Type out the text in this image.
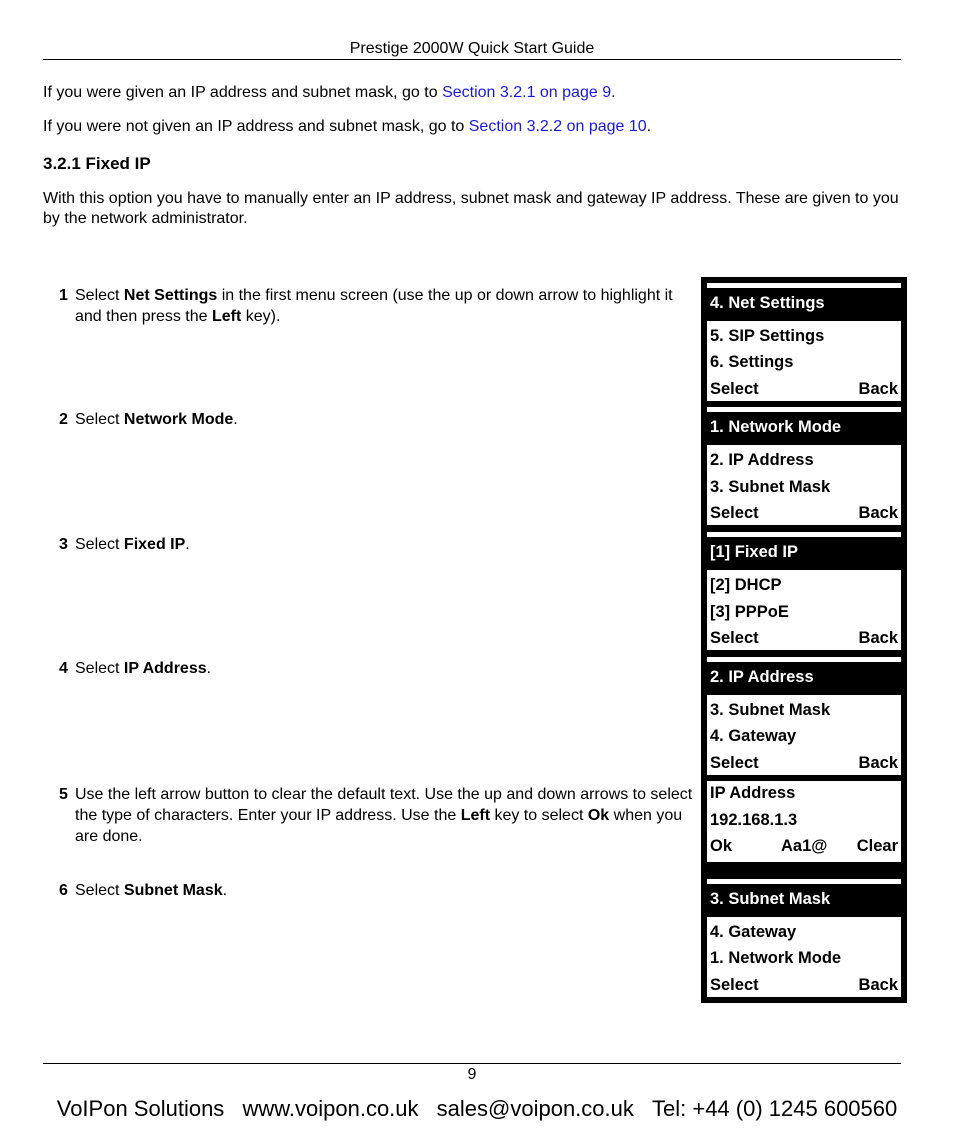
Prestige 2000W Quick Start Guide
If you were given an IP address and subnet mask, go to Section 3.2.1 on page 9.
If you were not given an IP address and subnet mask, go to Section 3.2.2 on page 10.
3.2.1 Fixed IP
With this option you have to manually enter an IP address, subnet mask and gateway IP address. These are given to you by the network administrator.
1 Select Net Settings in the first menu screen (use the up or down arrow to highlight it and then press the Left key).
2 Select Network Mode.
3 Select Fixed IP.
4 Select IP Address.
5 Use the left arrow button to clear the default text. Use the up and down arrows to select the type of characters. Enter your IP address. Use the Left key to select Ok when you are done.
6 Select Subnet Mask.
4. Net Settings
5. SIP Settings
6. Settings
Select	Back
1. Network Mode
2. IP Address
3. Subnet Mask
Select	Back
[1] Fixed IP
[2] DHCP
[3] PPPoE
Select	Back
2. IP Address
3. Subnet Mask
4. Gateway
Select	Back
IP Address
192.168.1.3
Ok	Aa1@ Clear
3. Subnet Mask
4. Gateway
1. Network Mode
Select	Back
9
VoIPon Solutions www.voipon.co.uk sales@voipon.co.uk Tel: +44 (0) 1245 600560
